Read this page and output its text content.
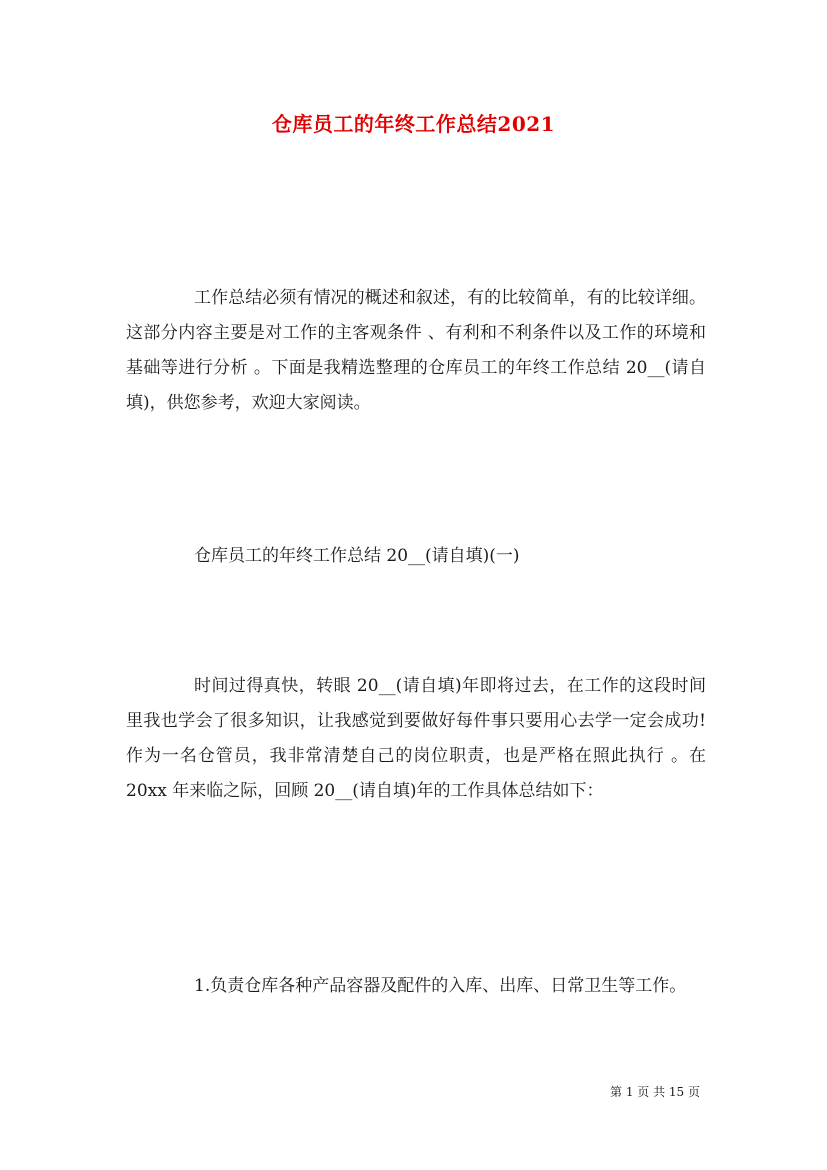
仓库员工的年终工作总结2021

工作总结必须有情况的概述和叙述，有的比较简单，有的比较详细。这部分内容主要是对工作的主客观条件 、有利和不利条件以及工作的环境和基础等进行分析 。下面是我精选整理的仓库员工的年终工作总结 20__(请自填)，供您参考，欢迎大家阅读。

仓库员工的年终工作总结 20__(请自填)(一)

时间过得真快，转眼 20__(请自填)年即将过去，在工作的这段时间里我也学会了很多知识，让我感觉到要做好每件事只要用心去学一定会成功!作为一名仓管员，我非常清楚自己的岗位职责，也是严格在照此执行 。在 20xx 年来临之际，回顾 20__(请自填)年的工作具体总结如下：

1.负责仓库各种产品容器及配件的入库、出库、日常卫生等工作。

第 1 页 共 15 页
